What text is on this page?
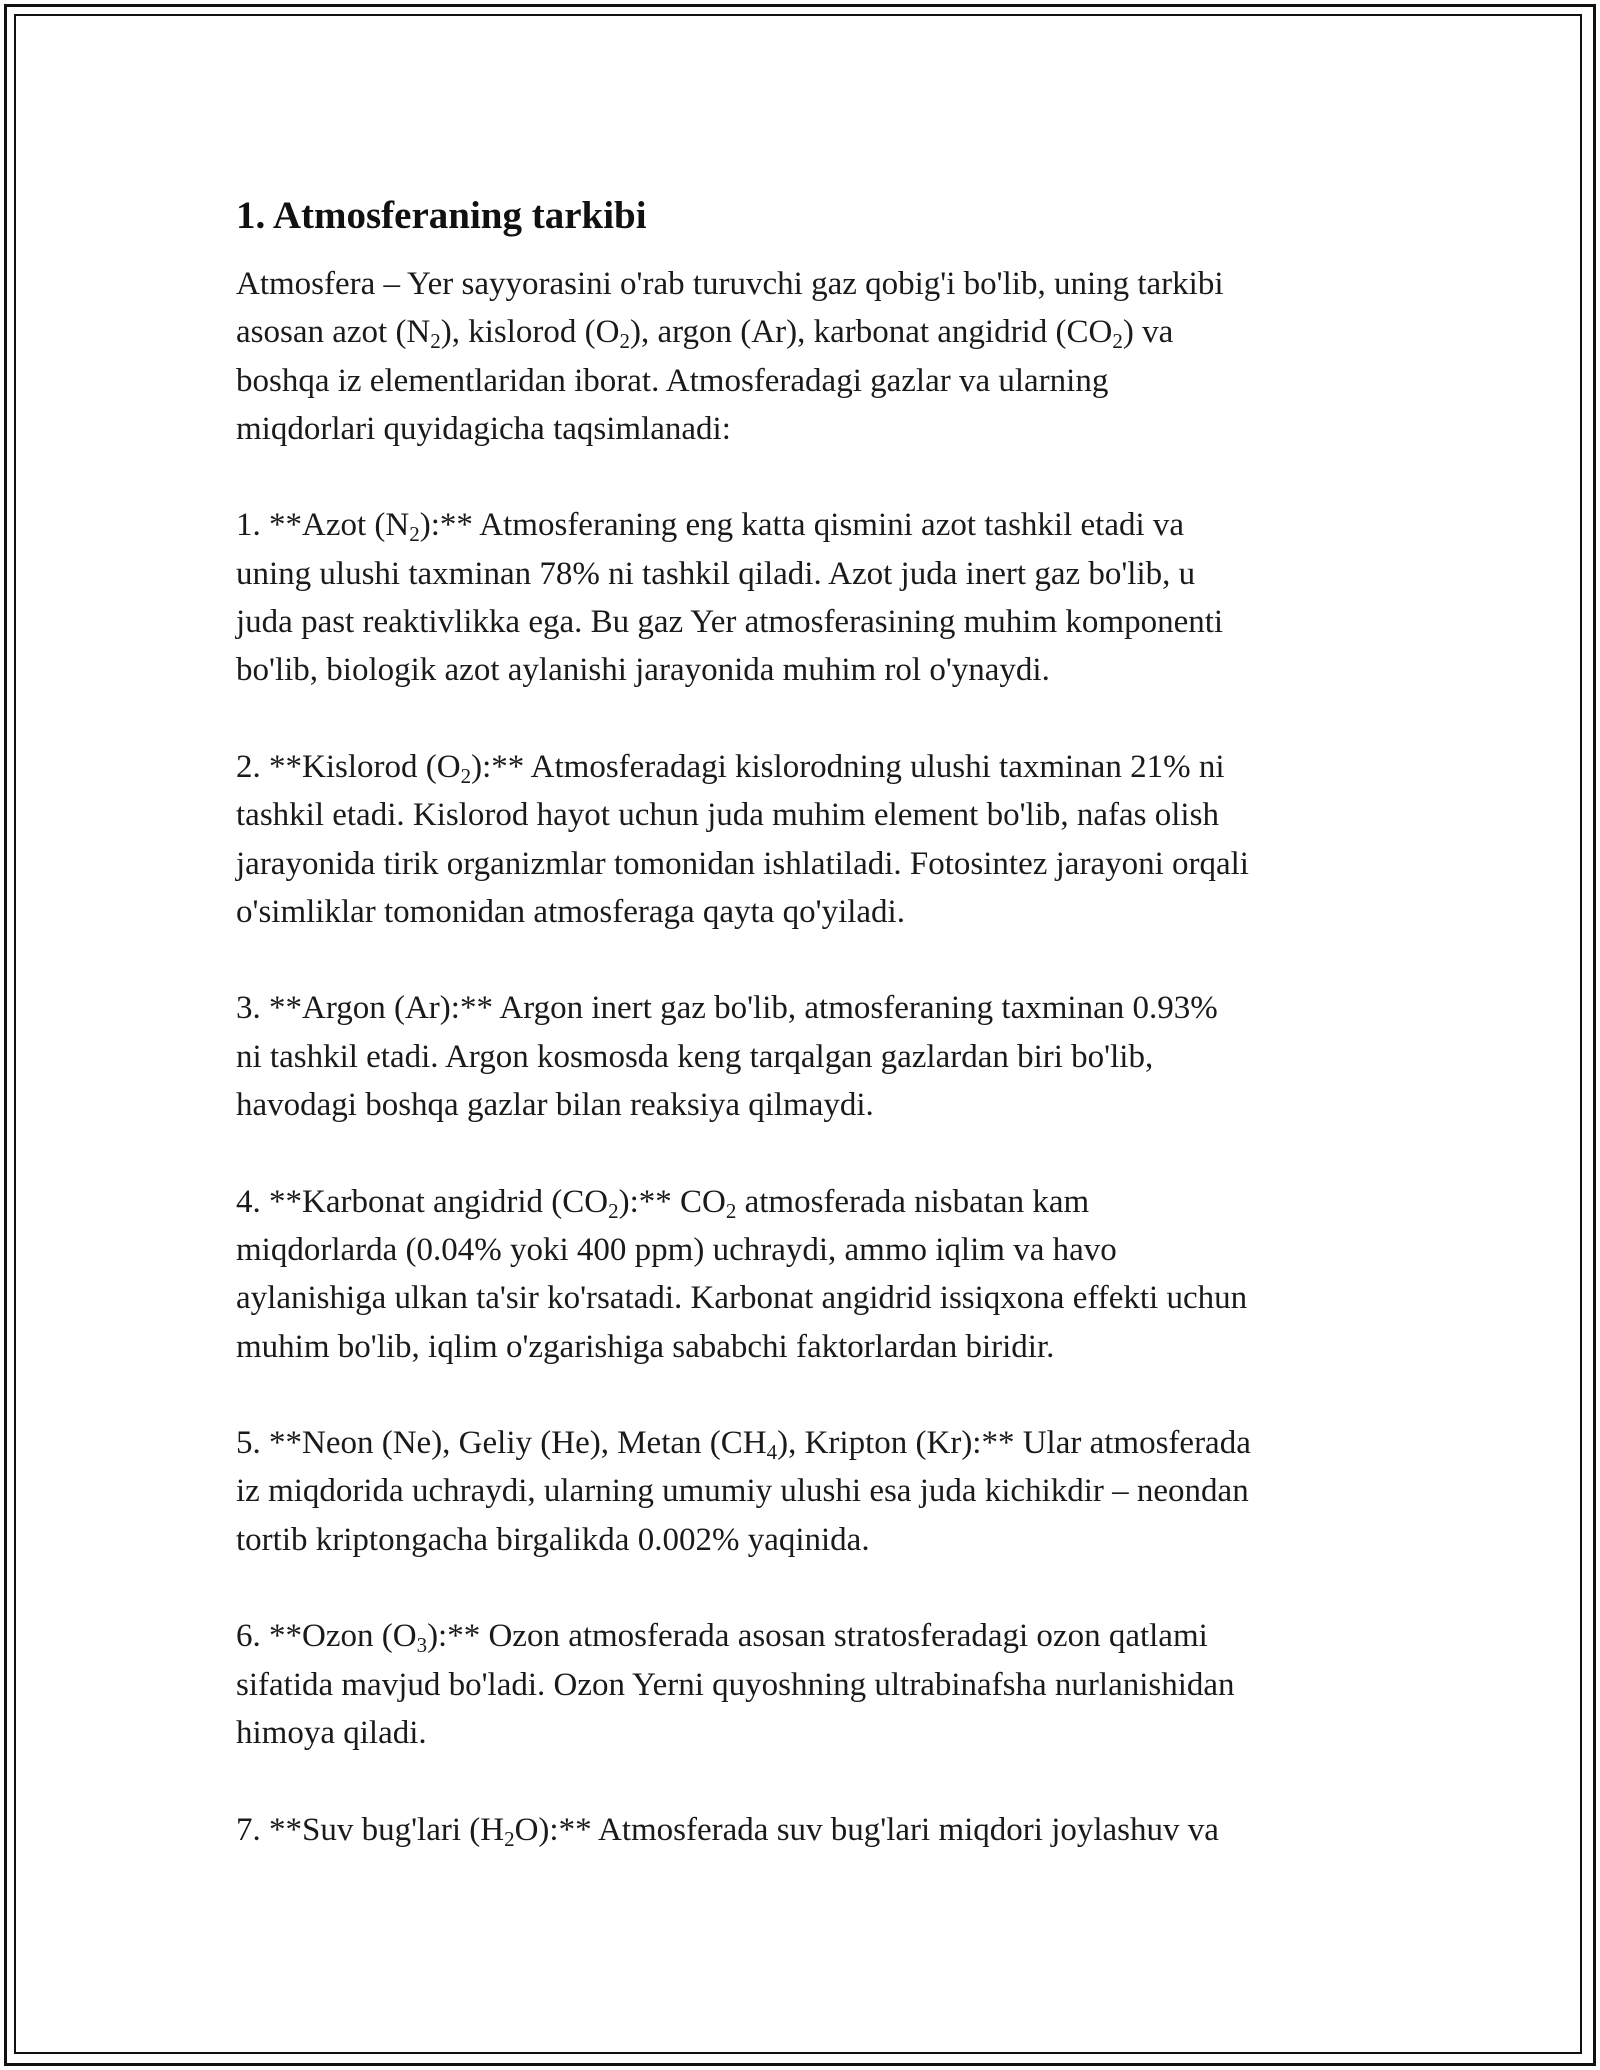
1. Atmosferaning tarkibi

Atmosfera – Yer sayyorasini o'rab turuvchi gaz qobig'i bo'lib, uning tarkibi
asosan azot $(N_2)$, kislorod $(O_2)$, argon (Ar), karbonat angidrid $(CO_2)$ va
boshqa iz elementlaridan iborat. Atmosferadagi gazlar va ularning
miqdorlari quyidagicha taqsimlanadi:

1. **Azot $(N_2):**$ Atmosferaning eng katta qismini azot tashkil etadi va
uning ulushi taxminan 78% ni tashkil qiladi. Azot juda inert gaz bo'lib, u
juda past reaktivlikka ega. Bu gaz Yer atmosferasining muhim komponenti
bo'lib, biologik azot aylanishi jarayonida muhim rol o'ynaydi.

2. **Kislorod $(O_2):**$ Atmosferadagi kislorodning ulushi taxminan 21% ni
tashkil etadi. Kislorod hayot uchun juda muhim element bo'lib, nafas olish
jarayonida tirik organizmlar tomonidan ishlatiladi. Fotosintez jarayoni orqali
o'simliklar tomonidan atmosferaga qayta qo'yiladi.

3. **Argon (Ar):** Argon inert gaz bo'lib, atmosferaning taxminan 0.93%
ni tashkil etadi. Argon kosmosda keng tarqalgan gazlardan biri bo'lib,
havodagi boshqa gazlar bilan reaksiya qilmaydi.

4. **Karbonat angidrid $(CO_2):**$ $CO_2$ atmosferada nisbatan kam
miqdorlarda (0.04% yoki 400 ppm) uchraydi, ammo iqlim va havo
aylanishiga ulkan ta'sir ko'rsatadi. Karbonat angidrid issiqxona effekti uchun
muhim bo'lib, iqlim o'zgarishiga sababchi faktorlardan biridir.

5. **Neon (Ne), Geliy (He), Metan $(CH_4)$, Kripton (Kr):** Ular atmosferada
iz miqdorida uchraydi, ularning umumiy ulushi esa juda kichikdir – neondan
tortib kriptongacha birgalikda 0.002% yaqinida.

6. **Ozon $(O_3):**$ Ozon atmosferada asosan stratosferadagi ozon qatlami
sifatida mavjud bo'ladi. Ozon Yerni quyoshning ultrabinafsha nurlanishidan
himoya qiladi.

7. **Suv bug'lari $(H_2O):**$ Atmosferada suv bug'lari miqdori joylashuv va
